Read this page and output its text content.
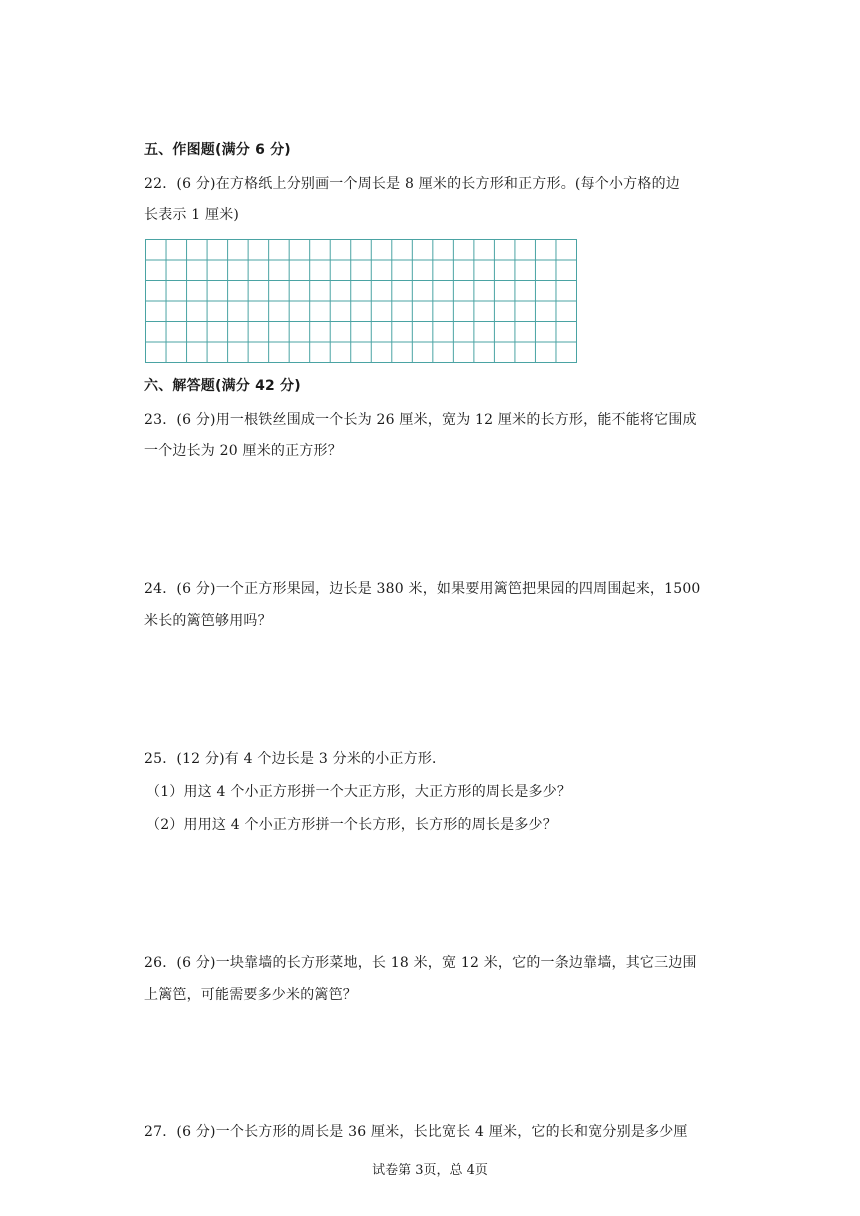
五、作图题(满分 6 分)
22．(6 分)在方格纸上分别画一个周长是 8 厘米的长方形和正方形。(每个小方格的边
长表示 1 厘米)
六、解答题(满分 42 分)
23．(6 分)用一根铁丝围成一个长为 26 厘米，宽为 12 厘米的长方形，能不能将它围成
一个边长为 20 厘米的正方形？
24．(6 分)一个正方形果园，边长是 380 米，如果要用篱笆把果园的四周围起来，1500
米长的篱笆够用吗？
25．(12 分)有 4 个边长是 3 分米的小正方形．
（1）用这 4 个小正方形拼一个大正方形，大正方形的周长是多少？
（2）用用这 4 个小正方形拼一个长方形，长方形的周长是多少？
26．(6 分)一块靠墙的长方形菜地，长 18 米，宽 12 米，它的一条边靠墙，其它三边围
上篱笆，可能需要多少米的篱笆？
27．(6 分)一个长方形的周长是 36 厘米，长比宽长 4 厘米，它的长和宽分别是多少厘
试卷第 3页，总 4页
